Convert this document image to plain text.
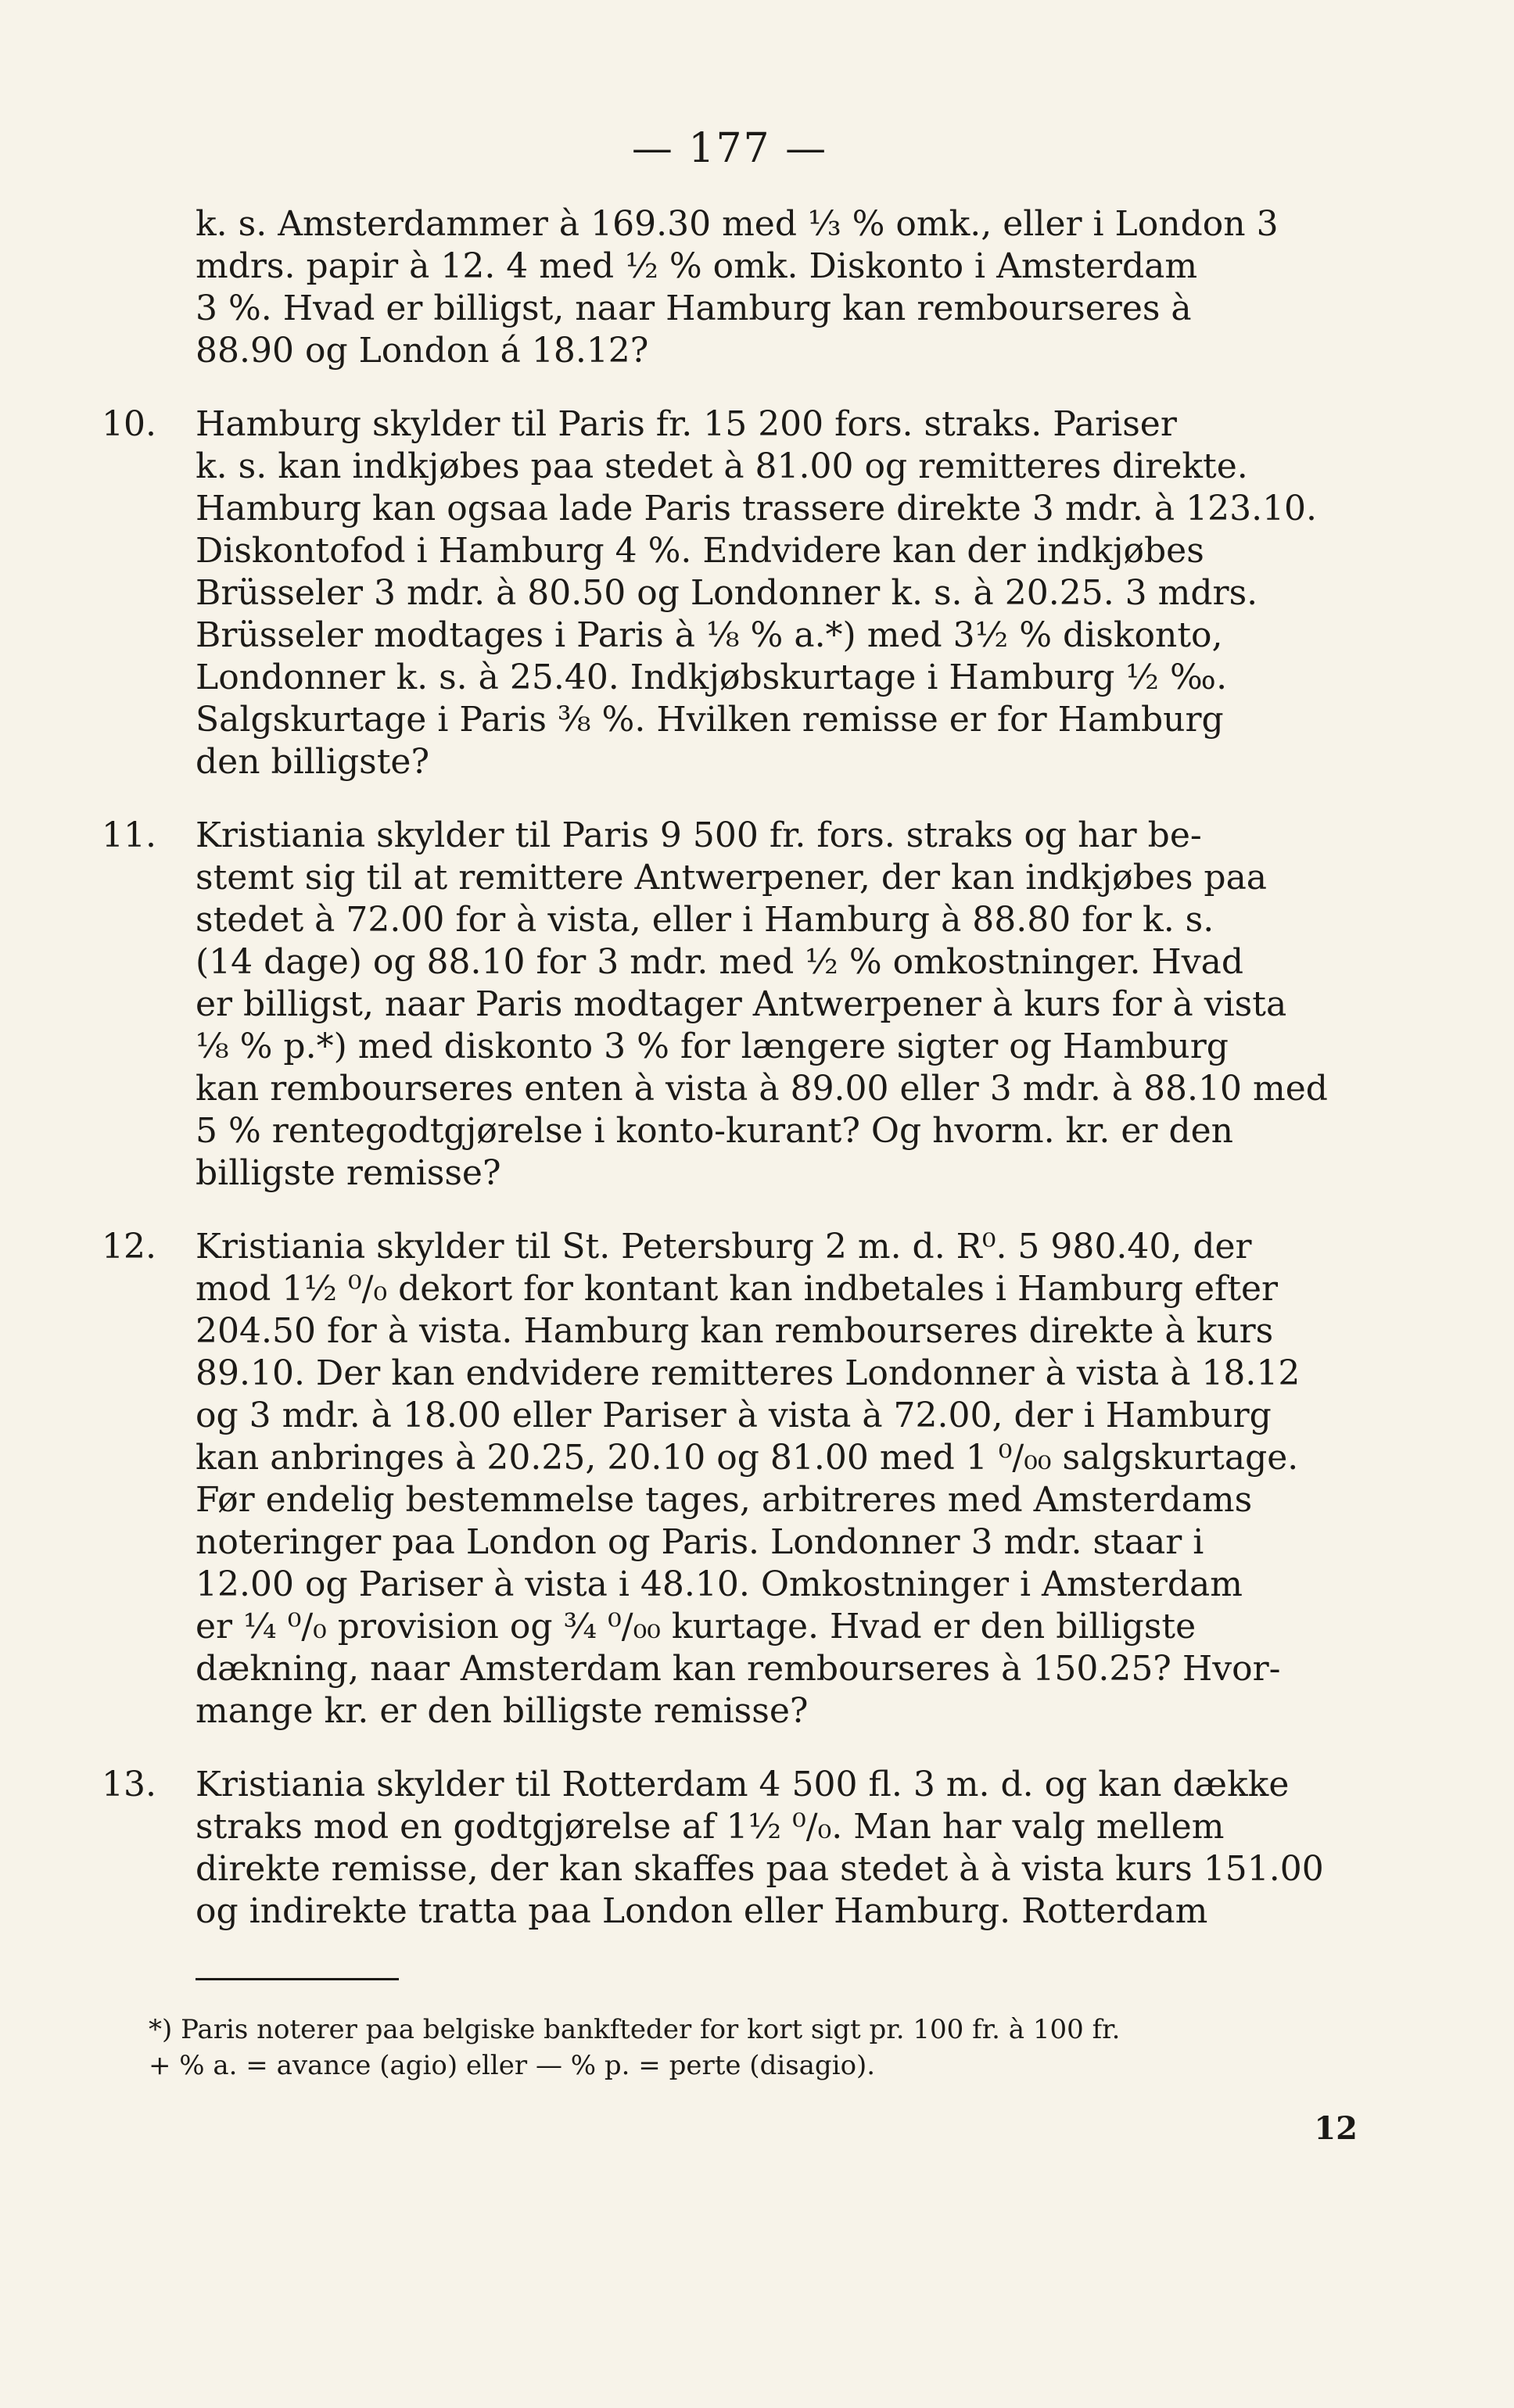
— 177 —
k. s. Amsterdammer à 169.30 med ⅓ % omk., eller i London 3
mdrs. papir à 12. 4 med ½ % omk. Diskonto i Amsterdam
3 %. Hvad er billigst, naar Hamburg kan rembourseres à
88.90 og London á 18.12?
10.	Hamburg skylder til Paris fr. 15 200 fors. straks. Pariser
k. s. kan indkjøbes paa stedet à 81.00 og remitteres direkte.
Hamburg kan ogsaa lade Paris trassere direkte 3 mdr. à 123.10.
Diskontofod i Hamburg 4 %. Endvidere kan der indkjøbes
Brüsseler 3 mdr. à 80.50 og Londonner k. s. à 20.25. 3 mdrs.
Brüsseler modtages i Paris à ⅛ % a.*) med 3½ % diskonto,
Londonner k. s. à 25.40. Indkjøbskurtage i Hamburg ½ ‰.
Salgskurtage i Paris ⅜ %. Hvilken remisse er for Hamburg
den billigste?
11.	Kristiania skylder til Paris 9 500 fr. fors. straks og har be-
stemt sig til at remittere Antwerpener, der kan indkjøbes paa
stedet à 72.00 for à vista, eller i Hamburg à 88.80 for k. s.
(14 dage) og 88.10 for 3 mdr. med ½ % omkostninger. Hvad
er billigst, naar Paris modtager Antwerpener à kurs for à vista
⅛ % p.*) med diskonto 3 % for længere sigter og Hamburg
kan rembourseres enten à vista à 89.00 eller 3 mdr. à 88.10 med
5 % rentegodtgjørelse i konto-kurant? Og hvorm. kr. er den
billigste remisse?
12.	Kristiania skylder til St. Petersburg 2 m. d. R⁰. 5 980.40, der
mod 1½ ⁰/₀ dekort for kontant kan indbetales i Hamburg efter
204.50 for à vista. Hamburg kan rembourseres direkte à kurs
89.10. Der kan endvidere remitteres Londonner à vista à 18.12
og 3 mdr. à 18.00 eller Pariser à vista à 72.00, der i Hamburg
kan anbringes à 20.25, 20.10 og 81.00 med 1 ⁰/₀₀ salgskurtage.
Før endelig bestemmelse tages, arbitreres med Amsterdams
noteringer paa London og Paris. Londonner 3 mdr. staar i
12.00 og Pariser à vista i 48.10. Omkostninger i Amsterdam
er ¼ ⁰/₀ provision og ¾ ⁰/₀₀ kurtage. Hvad er den billigste
dækning, naar Amsterdam kan rembourseres à 150.25? Hvor-
mange kr. er den billigste remisse?
13.	Kristiania skylder til Rotterdam 4 500 fl. 3 m. d. og kan dække
straks mod en godtgjørelse af 1½ ⁰/₀. Man har valg mellem
direkte remisse, der kan skaffes paa stedet à à vista kurs 151.00
og indirekte tratta paa London eller Hamburg. Rotterdam
*) Paris noterer paa belgiske bankfteder for kort sigt pr. 100 fr. à 100 fr.
+ % a. = avance (agio) eller — % p. = perte (disagio).
12
